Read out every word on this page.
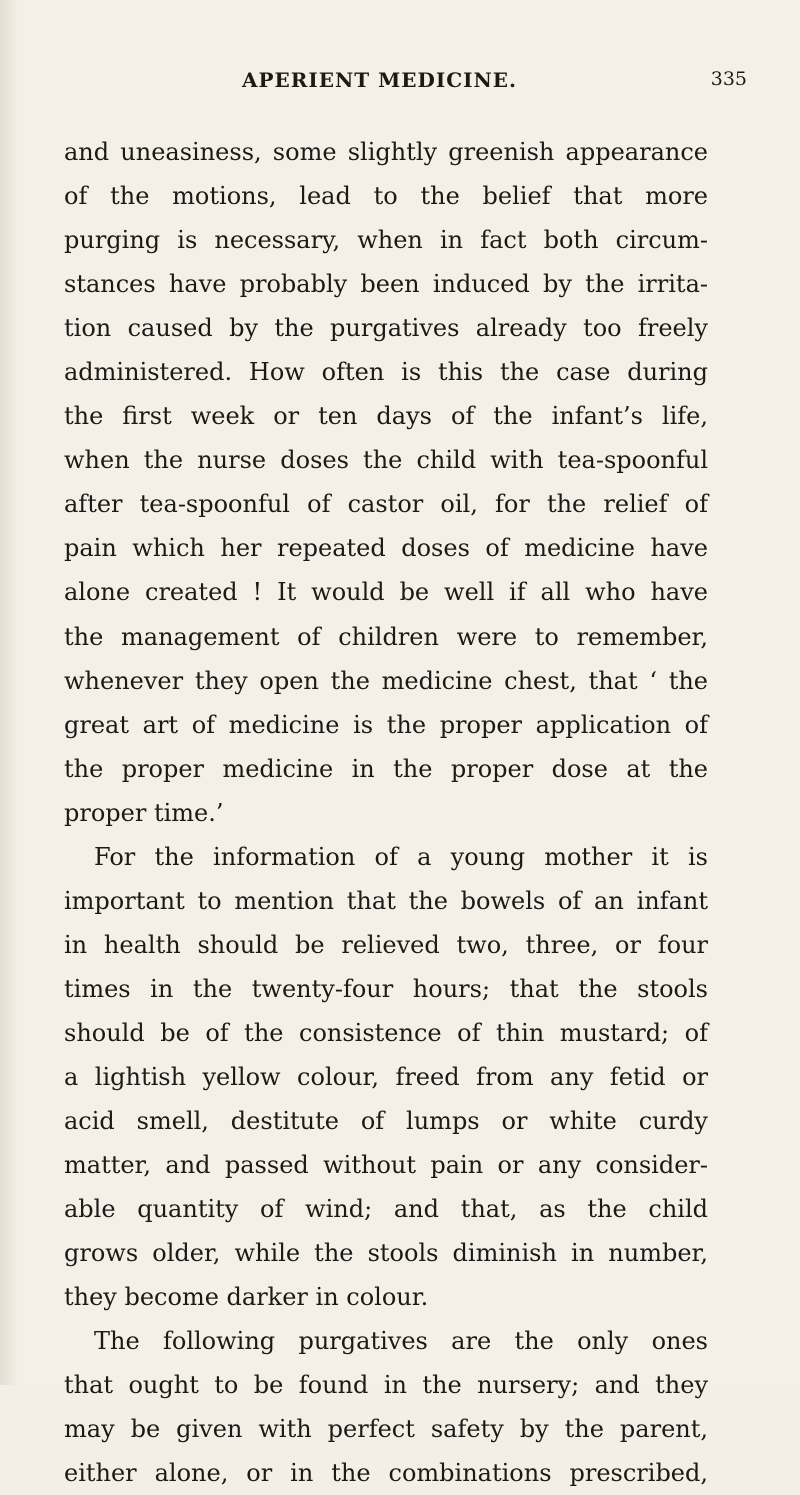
APERIENT MEDICINE.	335
and uneasiness, some slightly greenish appearance
of the motions, lead to the belief that more
purging is necessary, when in fact both circum-
stances have probably been induced by the irrita-
tion caused by the purgatives already too freely
administered. How often is this the case during
the first week or ten days of the infant’s life,
when the nurse doses the child with tea-spoonful
after tea-spoonful of castor oil, for the relief of
pain which her repeated doses of medicine have
alone created ! It would be well if all who have
the management of children were to remember,
whenever they open the medicine chest, that ‘ the
great art of medicine is the proper application of
the proper medicine in the proper dose at the
proper time.’
For the information of a young mother it is
important to mention that the bowels of an infant
in health should be relieved two, three, or four
times in the twenty-four hours; that the stools
should be of the consistence of thin mustard; of
a lightish yellow colour, freed from any fetid or
acid smell, destitute of lumps or white curdy
matter, and passed without pain or any consider-
able quantity of wind; and that, as the child
grows older, while the stools diminish in number,
they become darker in colour.
The following purgatives are the only ones
that ought to be found in the nursery; and they
may be given with perfect safety by the parent,
either alone, or in the combinations prescribed,
